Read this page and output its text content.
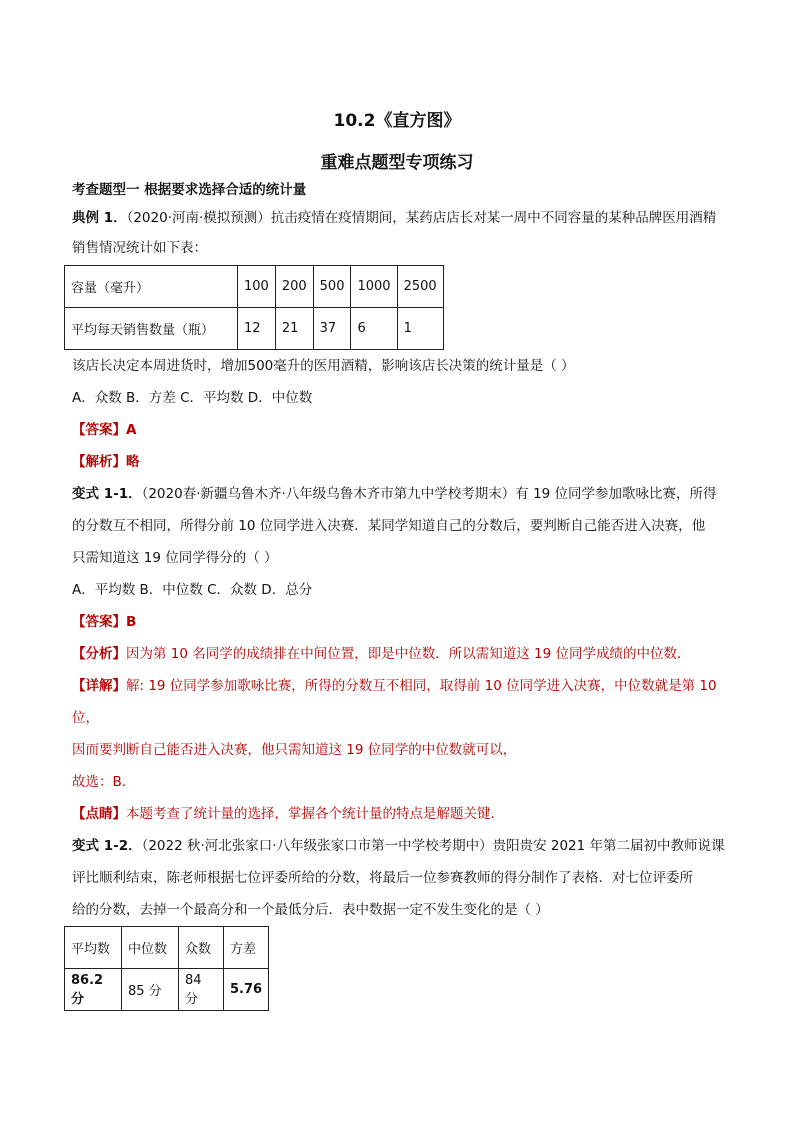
10.2《直方图》
重难点题型专项练习
考查题型一 根据要求选择合适的统计量
典例 1．（2020·河南·模拟预测）抗击疫情在疫情期间，某药店店长对某一周中不同容量的某种品牌医用酒精
销售情况统计如下表：
容量（毫升）	100	200	500	1000	2500
平均每天销售数量（瓶）	12	21	37	6	1
该店长决定本周进货时，增加500毫升的医用酒精，影响该店长决策的统计量是（ ）
A．众数 B．方差 C．平均数 D．中位数
【答案】A
【解析】略
变式 1-1．（2020春·新疆乌鲁木齐·八年级乌鲁木齐市第九中学校考期末）有 19 位同学参加歌咏比赛，所得
的分数互不相同，所得分前 10 位同学进入决赛．某同学知道自己的分数后，要判断自己能否进入决赛，他
只需知道这 19 位同学得分的（ ）
A．平均数 B．中位数 C．众数 D．总分
【答案】B
【分析】因为第 10 名同学的成绩排在中间位置，即是中位数．所以需知道这 19 位同学成绩的中位数．
【详解】解: 19 位同学参加歌咏比赛，所得的分数互不相同，取得前 10 位同学进入决赛，中位数就是第 10
位，
因而要判断自己能否进入决赛，他只需知道这 19 位同学的中位数就可以，
故选：B．
【点睛】本题考查了统计量的选择，掌握各个统计量的特点是解题关键．
变式 1-2．（2022 秋·河北张家口·八年级张家口市第一中学校考期中）贵阳贵安 2021 年第二届初中教师说课
评比顺利结束，陈老师根据七位评委所给的分数，将最后一位参赛教师的得分制作了表格．对七位评委所
给的分数，去掉一个最高分和一个最低分后．表中数据一定不发生变化的是（ ）
平均数	中位数	众数	方差
86.2 分	85 分	84 分	5.76
